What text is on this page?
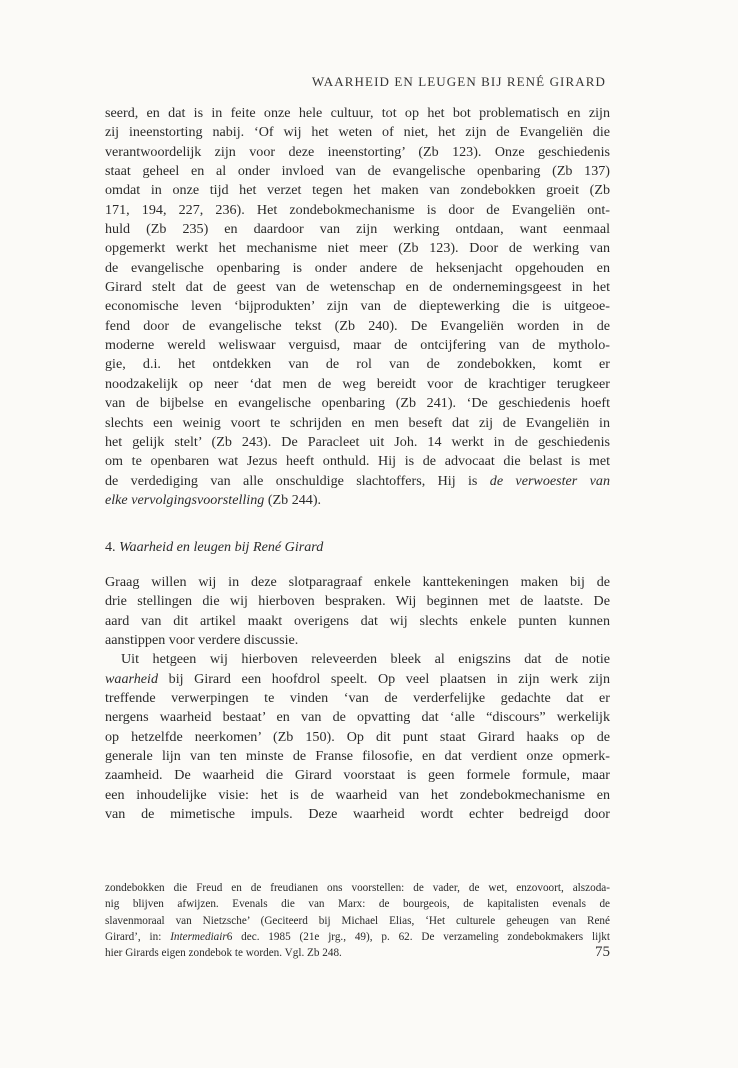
WAARHEID EN LEUGEN BIJ RENÉ GIRARD
seerd, en dat is in feite onze hele cultuur, tot op het bot problematisch en zijn
zij ineenstorting nabij. ‘Of wij het weten of niet, het zijn de Evangeliën die
verantwoordelijk zijn voor deze ineenstorting’ (Zb 123). Onze geschiedenis
staat geheel en al onder invloed van de evangelische openbaring (Zb 137)
omdat in onze tijd het verzet tegen het maken van zondebokken groeit (Zb
171, 194, 227, 236). Het zondebokmechanisme is door de Evangeliën ont-
huld (Zb 235) en daardoor van zijn werking ontdaan, want eenmaal
opgemerkt werkt het mechanisme niet meer (Zb 123). Door de werking van
de evangelische openbaring is onder andere de heksenjacht opgehouden en
Girard stelt dat de geest van de wetenschap en de ondernemingsgeest in het
economische leven ‘bijprodukten’ zijn van de dieptewerking die is uitgeoe-
fend door de evangelische tekst (Zb 240). De Evangeliën worden in de
moderne wereld weliswaar verguisd, maar de ontcijfering van de mytholo-
gie, d.i. het ontdekken van de rol van de zondebokken, komt er
noodzakelijk op neer ‘dat men de weg bereidt voor de krachtiger terugkeer
van de bijbelse en evangelische openbaring (Zb 241). ‘De geschiedenis hoeft
slechts een weinig voort te schrijden en men beseft dat zij de Evangeliën in
het gelijk stelt’ (Zb 243). De Paracleet uit Joh. 14 werkt in de geschiedenis
om te openbaren wat Jezus heeft onthuld. Hij is de advocaat die belast is met
de verdediging van alle onschuldige slachtoffers, Hij is de verwoester van
elke vervolgingsvoorstelling (Zb 244).
4. Waarheid en leugen bij René Girard
Graag willen wij in deze slotparagraaf enkele kanttekeningen maken bij de
drie stellingen die wij hierboven bespraken. Wij beginnen met de laatste. De
aard van dit artikel maakt overigens dat wij slechts enkele punten kunnen
aanstippen voor verdere discussie.
Uit hetgeen wij hierboven releveerden bleek al enigszins dat de notie
waarheid bij Girard een hoofdrol speelt. Op veel plaatsen in zijn werk zijn
treffende verwerpingen te vinden ‘van de verderfelijke gedachte dat er
nergens waarheid bestaat’ en van de opvatting dat ‘alle “discours” werkelijk
op hetzelfde neerkomen’ (Zb 150). Op dit punt staat Girard haaks op de
generale lijn van ten minste de Franse filosofie, en dat verdient onze opmerk-
zaamheid. De waarheid die Girard voorstaat is geen formele formule, maar
een inhoudelijke visie: het is de waarheid van het zondebokmechanisme en
van de mimetische impuls. Deze waarheid wordt echter bedreigd door
zondebokken die Freud en de freudianen ons voorstellen: de vader, de wet, enzovoort, alszoda-
nig blijven afwijzen. Evenals die van Marx: de bourgeois, de kapitalisten evenals de
slavenmoraal van Nietzsche’ (Geciteerd bij Michael Elias, ‘Het culturele geheugen van René
Girard’, in: Intermediair6 dec. 1985 (21e jrg., 49), p. 62. De verzameling zondebokmakers lijkt
hier Girards eigen zondebok te worden. Vgl. Zb 248.	75
